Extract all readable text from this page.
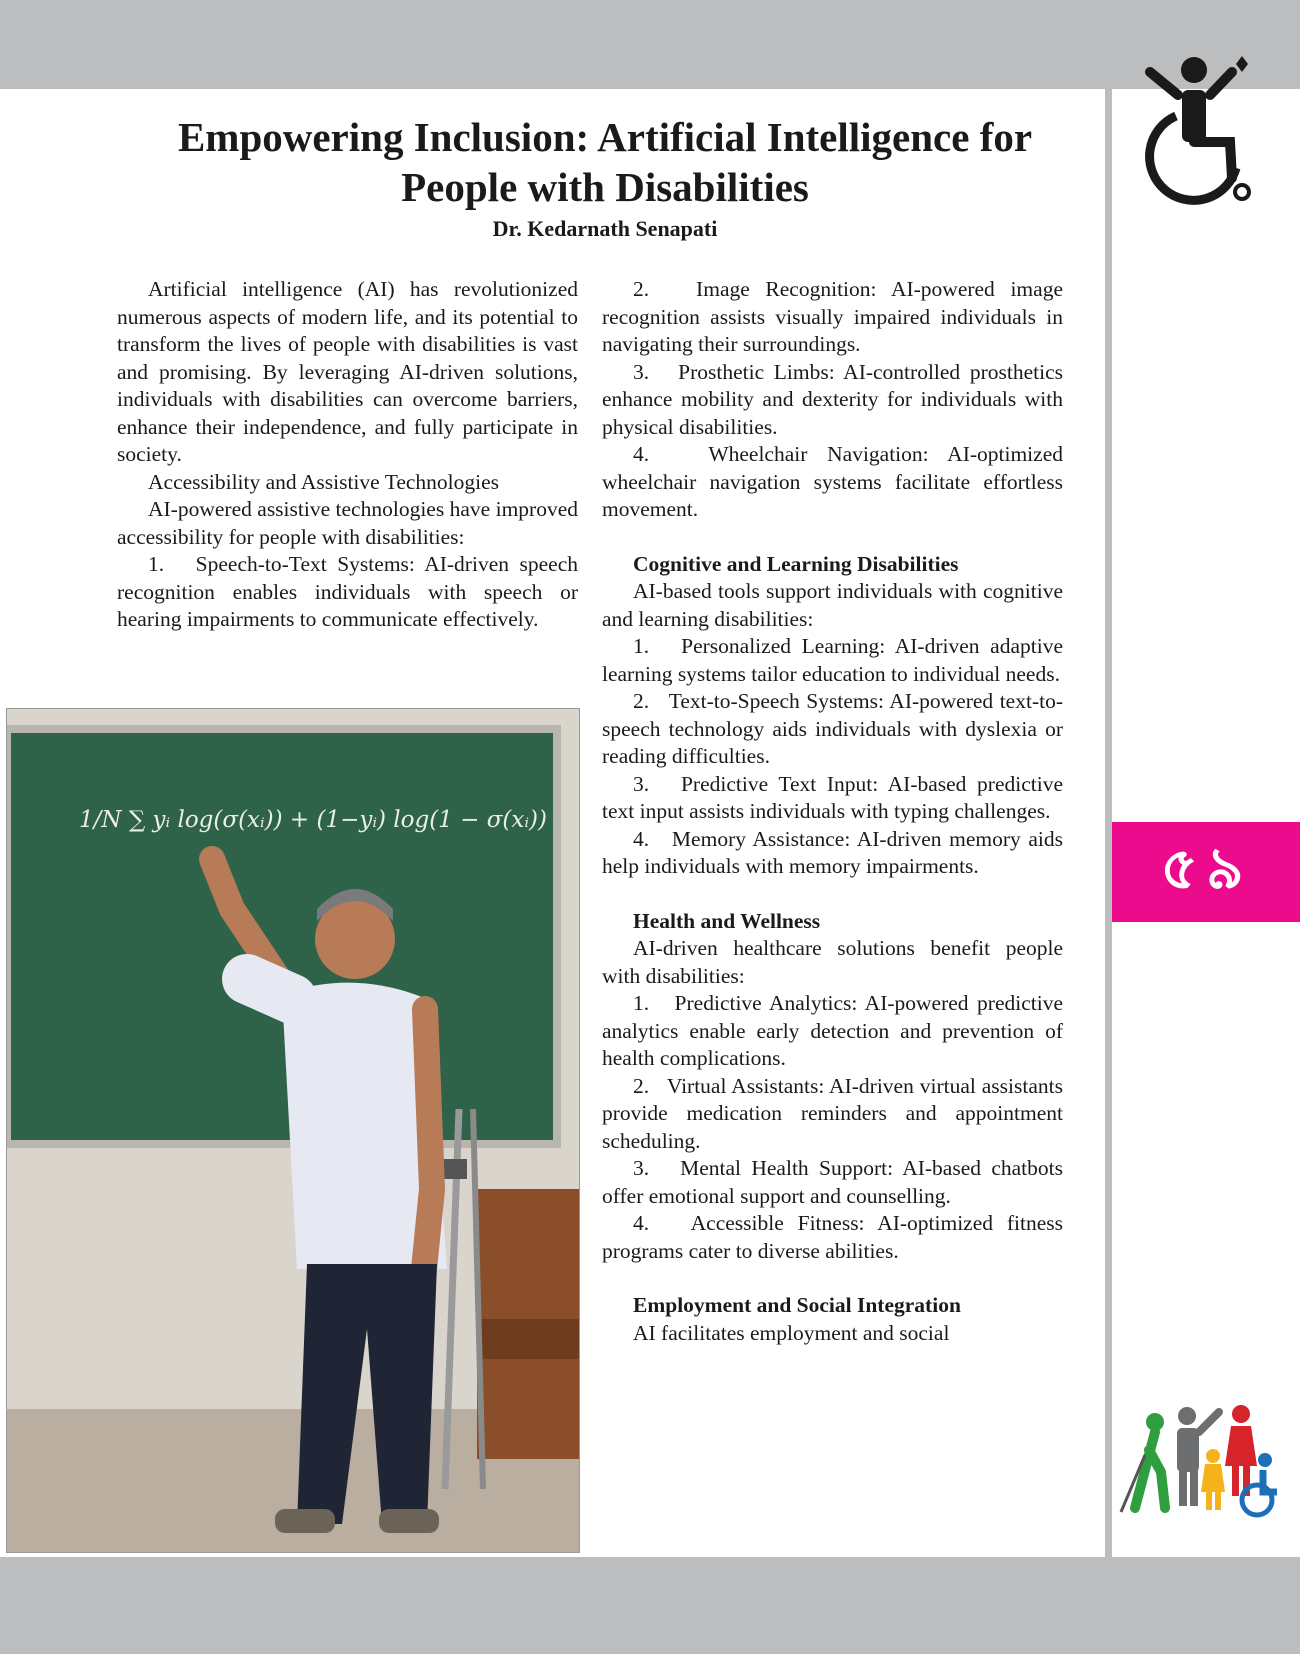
Empowering Inclusion: Artificial Intelligence for
People with Disabilities
Dr. Kedarnath Senapati

Artificial intelligence (AI) has revolutionized numerous aspects of modern life, and its potential to transform the lives of people with disabilities is vast and promising. By leveraging AI-driven solutions, individuals with disabilities can overcome barriers, enhance their independence, and fully participate in society.

Accessibility and Assistive Technologies

AI-powered assistive technologies have improved accessibility for people with disabilities:

1.   Speech-to-Text Systems: AI-driven speech recognition enables individuals with speech or hearing impairments to communicate effectively.

1/N ∑ yᵢ log(σ(xᵢ)) + (1−yᵢ) log(1 − σ(xᵢ))

2.   Image Recognition: AI-powered image recognition assists visually impaired individuals in navigating their surroundings.

3.   Prosthetic Limbs: AI-controlled prosthetics enhance mobility and dexterity for individuals with physical disabilities.

4.   Wheelchair Navigation: AI-optimized wheelchair navigation systems facilitate effortless movement.

Cognitive and Learning Disabilities

AI-based tools support individuals with cognitive and learning disabilities:

1.   Personalized Learning: AI-driven adaptive learning systems tailor education to individual needs.

2.   Text-to-Speech Systems: AI-powered text-to-speech technology aids individuals with dyslexia or reading difficulties.

3.   Predictive Text Input: AI-based predictive text input assists individuals with typing challenges.

4.   Memory Assistance: AI-driven memory aids help individuals with memory impairments.

Health and Wellness

AI-driven healthcare solutions benefit people with disabilities:

1.   Predictive Analytics: AI-powered predictive analytics enable early detection and prevention of health complications.

2.   Virtual Assistants: AI-driven virtual assistants provide medication reminders and appointment scheduling.

3.   Mental Health Support: AI-based chatbots offer emotional support and counselling.

4.   Accessible Fitness: AI-optimized fitness programs cater to diverse abilities.

Employment and Social Integration

AI facilitates employment and social

৫৯
